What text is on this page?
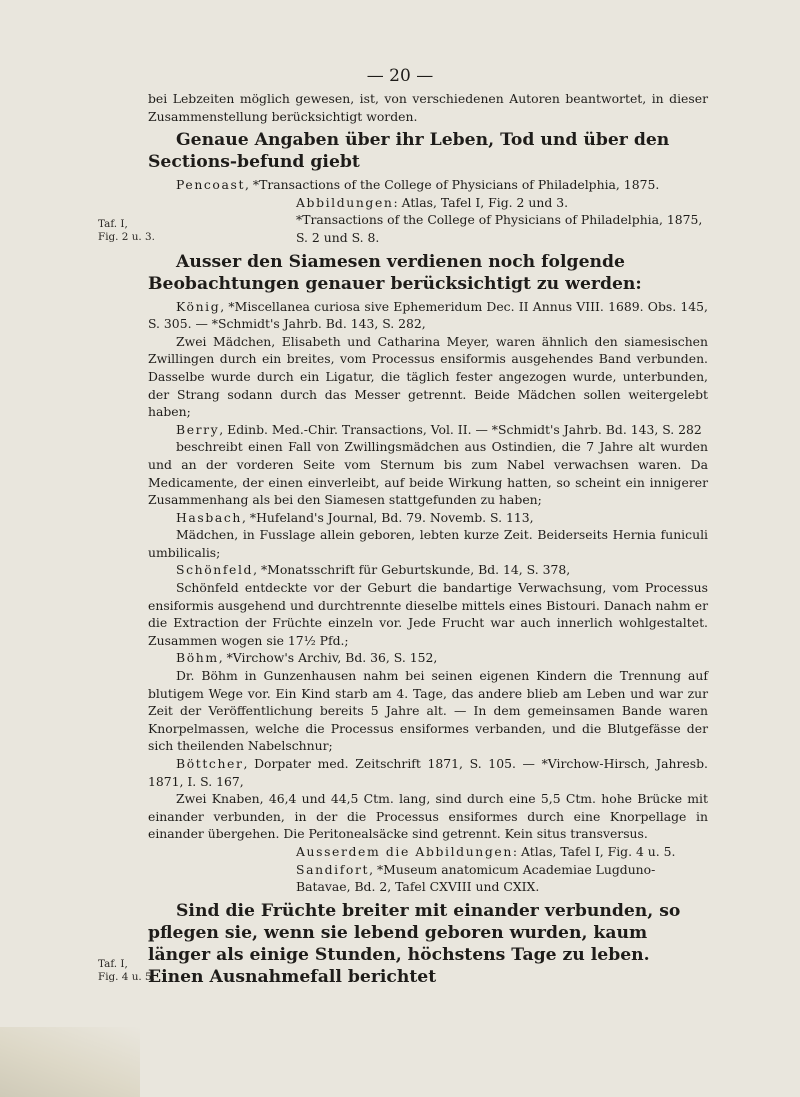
— 20 —
Taf. I,
Fig. 2 u. 3.
Taf. I,
Fig. 4 u. 5.

bei Lebzeiten möglich gewesen, ist, von verschiedenen Autoren beantwortet, in dieser Zusammenstellung berücksichtigt worden.

Genaue Angaben über ihr Leben, Tod und über den Sections-befund giebt

Pencoast, *Transactions of the College of Physicians of Philadelphia, 1875.

Abbildungen: Atlas, Tafel I, Fig. 2 und 3.

*Transactions of the College of Physicians of Philadelphia, 1875, S. 2 und S. 8.

Ausser den Siamesen verdienen noch folgende Beobachtungen genauer berücksichtigt zu werden:

König, *Miscellanea curiosa sive Ephemeridum Dec. II Annus VIII. 1689. Obs. 145, S. 305. — *Schmidt's Jahrb. Bd. 143, S. 282,

Zwei Mädchen, Elisabeth und Catharina Meyer, waren ähnlich den siamesischen Zwillingen durch ein breites, vom Processus ensiformis ausgehendes Band verbunden. Dasselbe wurde durch ein Ligatur, die täglich fester angezogen wurde, unterbunden, der Strang sodann durch das Messer getrennt. Beide Mädchen sollen weitergelebt haben;

Berry, Edinb. Med.-Chir. Transactions, Vol. II. — *Schmidt's Jahrb. Bd. 143, S. 282

beschreibt einen Fall von Zwillingsmädchen aus Ostindien, die 7 Jahre alt wurden und an der vorderen Seite vom Sternum bis zum Nabel verwachsen waren. Da Medicamente, der einen einverleibt, auf beide Wirkung hatten, so scheint ein innigerer Zusammenhang als bei den Siamesen stattgefunden zu haben;

Hasbach, *Hufeland's Journal, Bd. 79. Novemb. S. 113,

Mädchen, in Fusslage allein geboren, lebten kurze Zeit. Beiderseits Hernia funiculi umbilicalis;

Schönfeld, *Monatsschrift für Geburtskunde, Bd. 14, S. 378,

Schönfeld entdeckte vor der Geburt die bandartige Verwachsung, vom Processus ensiformis ausgehend und durchtrennte dieselbe mittels eines Bistouri. Danach nahm er die Extraction der Früchte einzeln vor. Jede Frucht war auch innerlich wohlgestaltet. Zusammen wogen sie 17½ Pfd.;

Böhm, *Virchow's Archiv, Bd. 36, S. 152,

Dr. Böhm in Gunzenhausen nahm bei seinen eigenen Kindern die Trennung auf blutigem Wege vor. Ein Kind starb am 4. Tage, das andere blieb am Leben und war zur Zeit der Veröffentlichung bereits 5 Jahre alt. — In dem gemeinsamen Bande waren Knorpelmassen, welche die Processus ensiformes verbanden, und die Blutgefässe der sich theilenden Nabelschnur;

Böttcher, Dorpater med. Zeitschrift 1871, S. 105. — *Virchow-Hirsch, Jahresb. 1871, I. S. 167,

Zwei Knaben, 46,4 und 44,5 Ctm. lang, sind durch eine 5,5 Ctm. hohe Brücke mit einander verbunden, in der die Processus ensiformes durch eine Knorpellage in einander übergehen. Die Peritonealsäcke sind getrennt. Kein situs transversus.

Ausserdem die Abbildungen: Atlas, Tafel I, Fig. 4 u. 5.

Sandifort, *Museum anatomicum Academiae Lugduno-Batavae, Bd. 2, Tafel CXVIII und CXIX.

Sind die Früchte breiter mit einander verbunden, so pflegen sie, wenn sie lebend geboren wurden, kaum länger als einige Stunden, höchstens Tage zu leben. Einen Ausnahmefall berichtet
